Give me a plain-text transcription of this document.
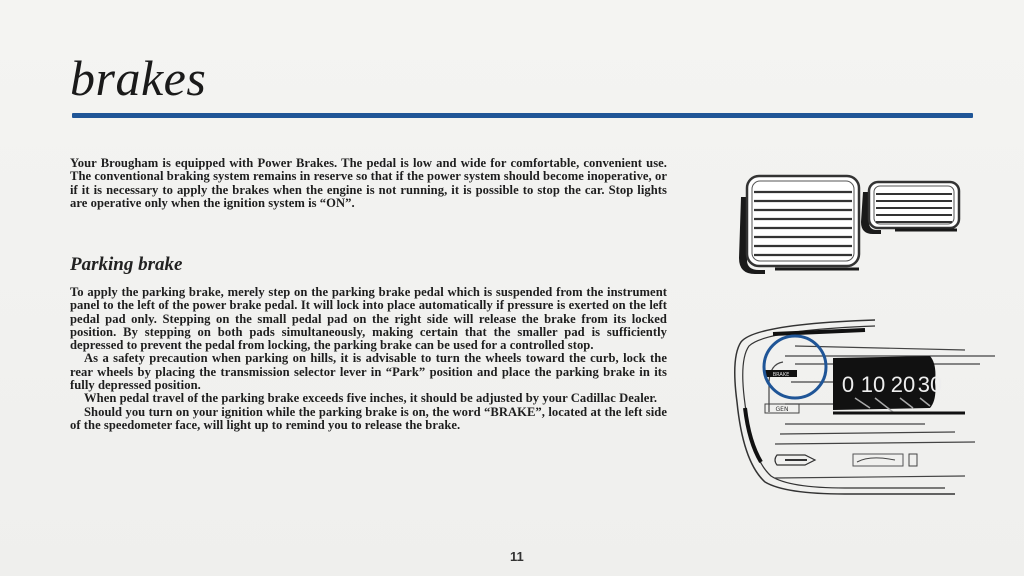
brakes

Your Brougham is equipped with Power Brakes. The pedal is low and wide for comfortable, convenient use. The conventional braking system remains in reserve so that if the power system should become inoperative, or if it is necessary to apply the brakes when the engine is not running, it is possible to stop the car. Stop lights are operative only when the ignition system is “ON”.

Parking brake

To apply the parking brake, merely step on the parking brake pedal which is suspended from the instrument panel to the left of the power brake pedal. It will lock into place automatically if pressure is exerted on the left pedal pad only. Stepping on the small pedal pad on the right side will release the brake from its locked position. By stepping on both pads simultaneously, making certain that the smaller pad is sufficiently depressed to prevent the pedal from locking, the parking brake can be used for a controlled stop.

As a safety precaution when parking on hills, it is advisable to turn the wheels toward the curb, lock the rear wheels by placing the transmission selector lever in “Park” position and place the parking brake in its fully depressed position.

When pedal travel of the parking brake exceeds five inches, it should be adjusted by your Cadillac Dealer.

Should you turn on your ignition while the parking brake is on, the word “BRAKE”, located at the left side of the speedometer face, will light up to remind you to release the brake.

BRAKE
GEN
0 10 20 30
11
